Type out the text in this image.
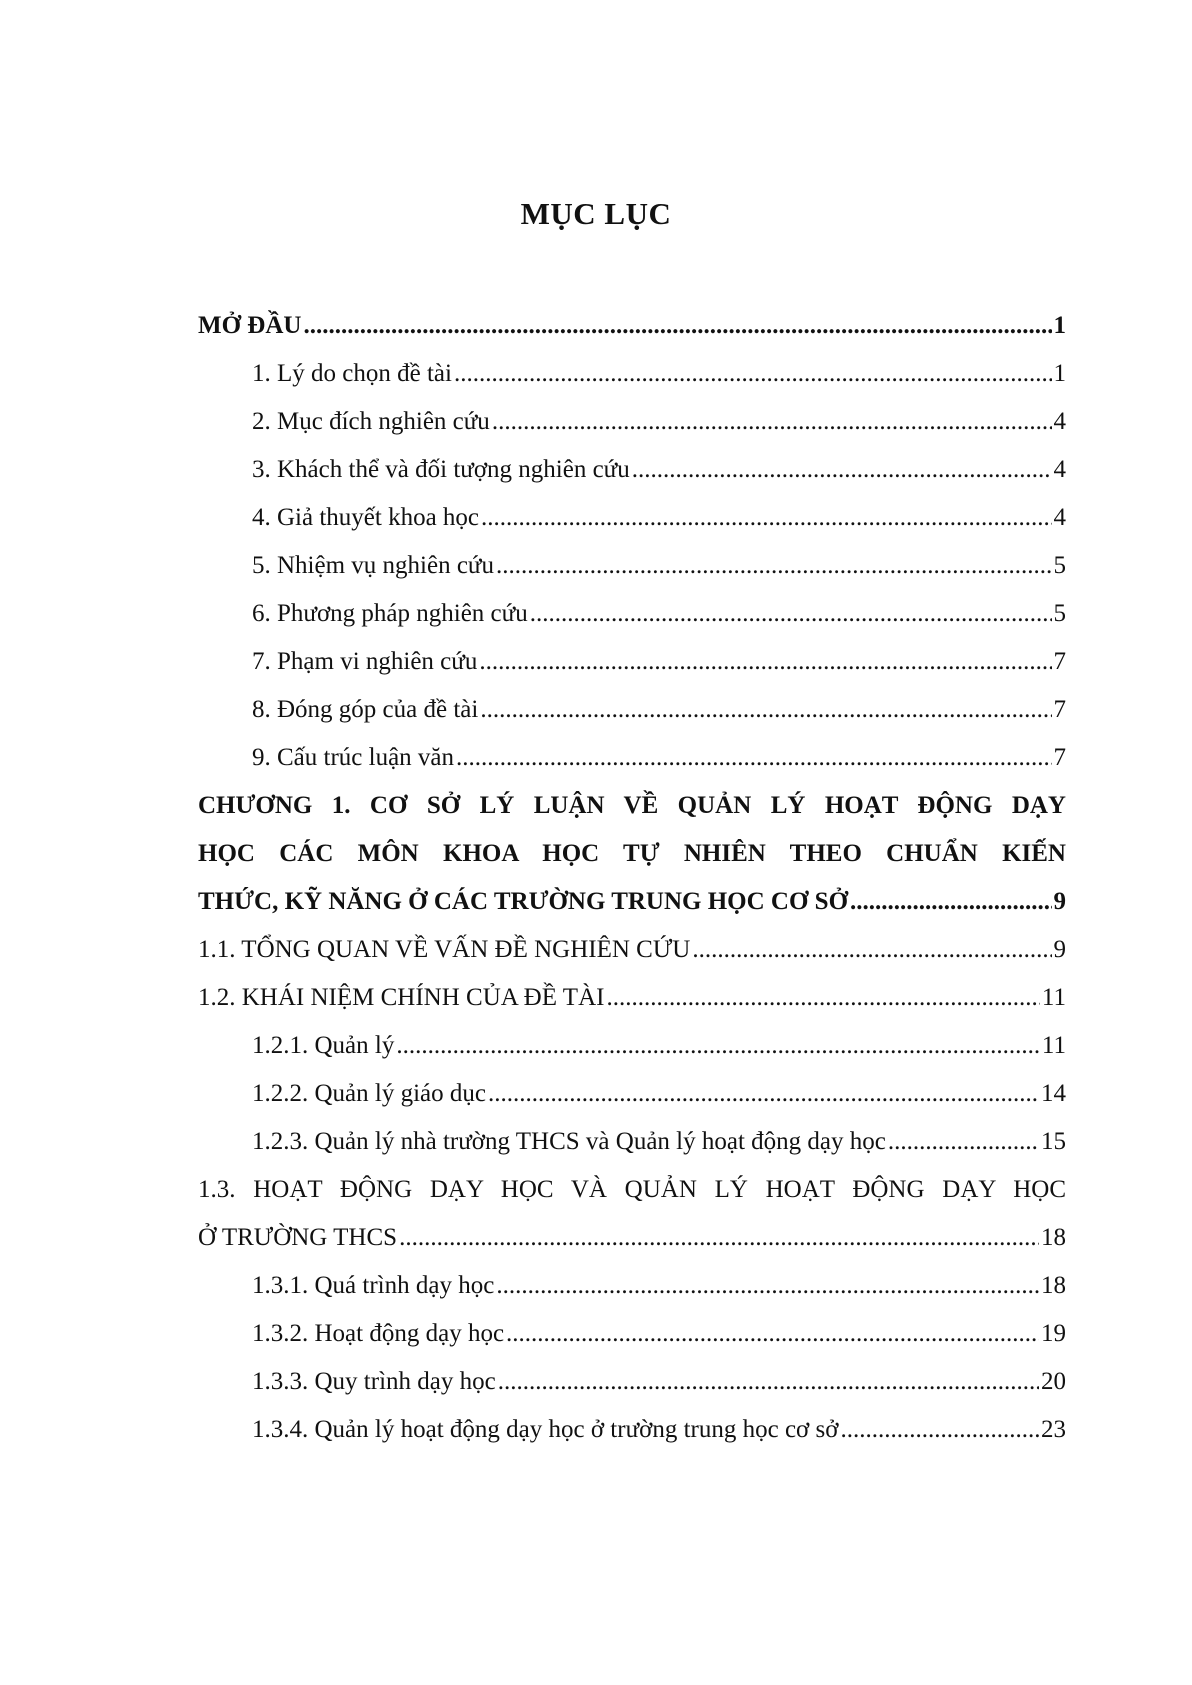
MỤC LỤC
MỞ ĐẦU .....	1
1. Lý do chọn đề tài .....	1
2. Mục đích nghiên cứu .....	4
3. Khách thể và đối tượng nghiên cứu .....	4
4. Giả thuyết khoa học .....	4
5. Nhiệm vụ nghiên cứu .....	5
6. Phương pháp nghiên cứu .....	5
7. Phạm vi nghiên cứu .....	7
8. Đóng góp của đề tài .....	7
9. Cấu trúc luận văn .....	7
CHƯƠNG 1. CƠ SỞ LÝ LUẬN VỀ QUẢN LÝ HOẠT ĐỘNG DẠY
HỌC CÁC MÔN KHOA HỌC TỰ NHIÊN THEO CHUẨN KIẾN
THỨC, KỸ NĂNG Ở CÁC TRƯỜNG TRUNG HỌC CƠ SỞ .....	9
1.1. TỔNG QUAN VỀ VẤN ĐỀ NGHIÊN CỨU .....	9
1.2. KHÁI NIỆM CHÍNH CỦA ĐỀ TÀI .....	11
1.2.1. Quản lý .....	11
1.2.2. Quản lý giáo dục .....	14
1.2.3. Quản lý nhà trường THCS và Quản lý hoạt động dạy học .....	15
1.3. HOẠT ĐỘNG DẠY HỌC VÀ QUẢN LÝ HOẠT ĐỘNG DẠY HỌC
Ở TRƯỜNG THCS .....	18
1.3.1. Quá trình dạy học .....	18
1.3.2. Hoạt động dạy học .....	19
1.3.3. Quy trình dạy học .....	20
1.3.4. Quản lý hoạt động dạy học ở trường trung học cơ sở .....	23
